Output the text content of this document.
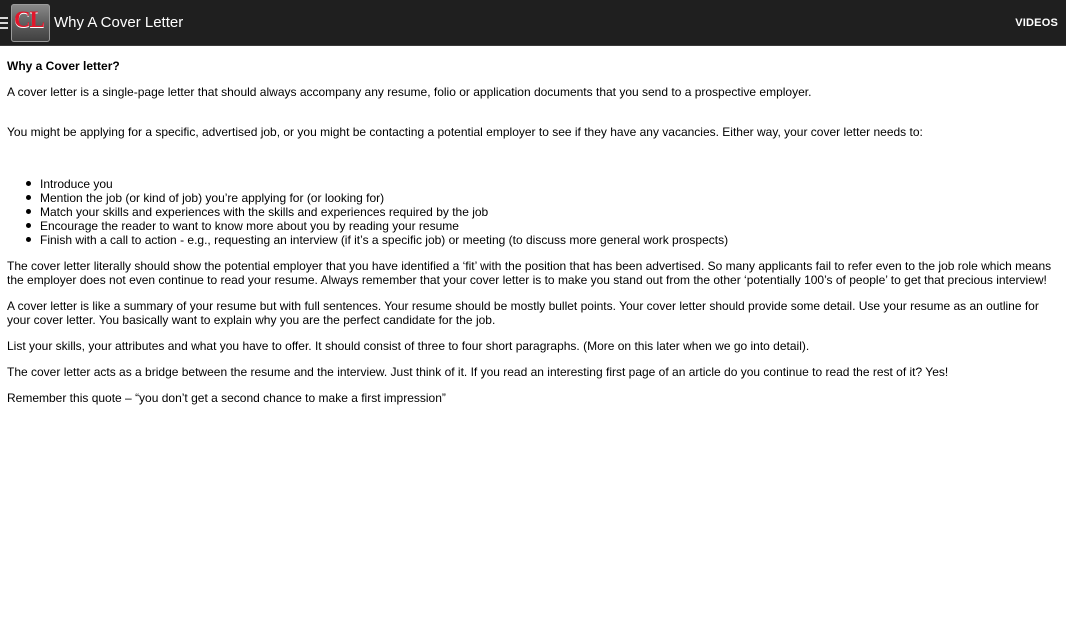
CL Why A Cover Letter	VIDEOS

Why a Cover letter?

A cover letter is a single-page letter that should always accompany any resume, folio or application documents that you send to a prospective employer.

You might be applying for a specific, advertised job, or you might be contacting a potential employer to see if they have any vacancies. Either way, your cover letter needs to:

Introduce you
Mention the job (or kind of job) you’re applying for (or looking for)
Match your skills and experiences with the skills and experiences required by the job
Encourage the reader to want to know more about you by reading your resume
Finish with a call to action - e.g., requesting an interview (if it’s a specific job) or meeting (to discuss more general work prospects)

The cover letter literally should show the potential employer that you have identified a ‘fit’ with the position that has been advertised. So many applicants fail to refer even to the job role which means the employer does not even continue to read your resume. Always remember that your cover letter is to make you stand out from the other ‘potentially 100’s of people’ to get that precious interview!

A cover letter is like a summary of your resume but with full sentences. Your resume should be mostly bullet points. Your cover letter should provide some detail. Use your resume as an outline for your cover letter. You basically want to explain why you are the perfect candidate for the job.

List your skills, your attributes and what you have to offer. It should consist of three to four short paragraphs. (More on this later when we go into detail).

The cover letter acts as a bridge between the resume and the interview. Just think of it. If you read an interesting first page of an article do you continue to read the rest of it? Yes!

Remember this quote – “you don’t get a second chance to make a first impression”
